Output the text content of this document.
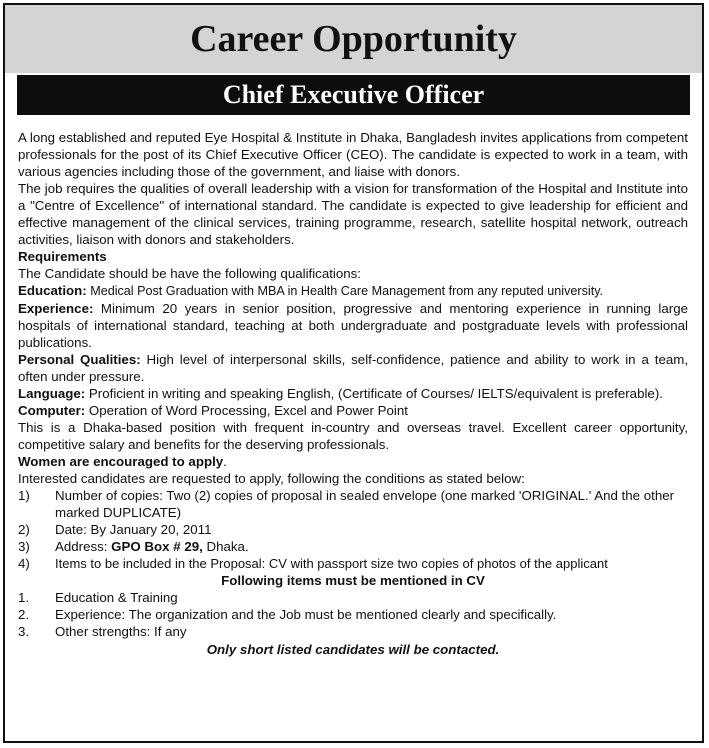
Career Opportunity
Chief Executive Officer

A long established and reputed Eye Hospital & Institute in Dhaka, Bangladesh invites applications from competent professionals for the post of its Chief Executive Officer (CEO). The candidate is expected to work in a team, with various agencies including those of the government, and liaise with donors.

The job requires the qualities of overall leadership with a vision for transformation of the Hospital and Institute into a "Centre of Excellence" of international standard. The candidate is expected to give leadership for efficient and effective management of the clinical services, training programme, research, satellite hospital network, outreach activities, liaison with donors and stakeholders.

Requirements

The Candidate should be have the following qualifications:

Education: Medical Post Graduation with MBA in Health Care Management from any reputed university.

Experience: Minimum 20 years in senior position, progressive and mentoring experience in running large hospitals of international standard, teaching at both undergraduate and postgraduate levels with professional publications.

Personal Qualities: High level of interpersonal skills, self-confidence, patience and ability to work in a team, often under pressure.

Language: Proficient in writing and speaking English, (Certificate of Courses/ IELTS/equivalent is preferable).

Computer: Operation of Word Processing, Excel and Power Point

This is a Dhaka-based position with frequent in-country and overseas travel. Excellent career opportunity, competitive salary and benefits for the deserving professionals.

Women are encouraged to apply.

Interested candidates are requested to apply, following the conditions as stated below:

1)	Number of copies: Two (2) copies of proposal in sealed envelope (one marked 'ORIGINAL.' And the other marked DUPLICATE)
2)	Date: By January 20, 2011
3)	Address: GPO Box # 29, Dhaka.
4)	Items to be included in the Proposal: CV with passport size two copies of photos of the applicant

Following items must be mentioned in CV

1.	Education & Training
2.	Experience: The organization and the Job must be mentioned clearly and specifically.
3.	Other strengths: If any

Only short listed candidates will be contacted.
